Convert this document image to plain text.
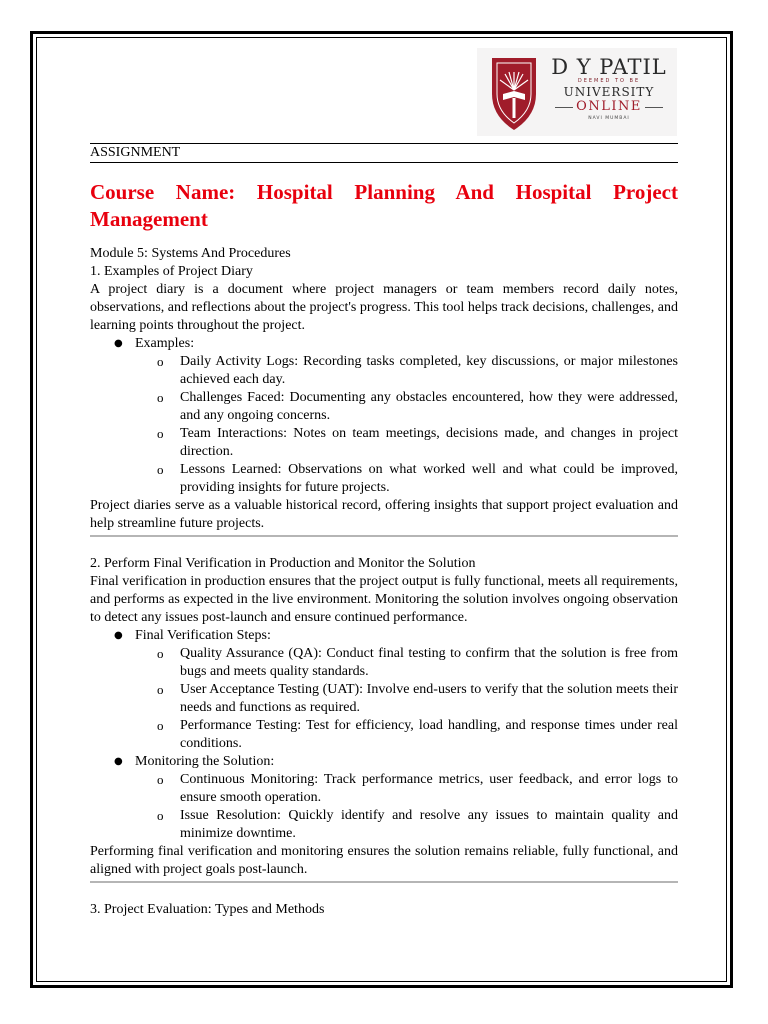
D Y PATIL
DEEMED TO BE
UNIVERSITY
ONLINE
NAVI MUMBAI
ASSIGNMENT
Course Name: Hospital Planning And Hospital Project Management

Module 5: Systems And Procedures

1. Examples of Project Diary

A project diary is a document where project managers or team members record daily notes, observations, and reflections about the project's progress. This tool helps track decisions, challenges, and learning points throughout the project.

● Examples:
o Daily Activity Logs: Recording tasks completed, key discussions, or major milestones achieved each day.
o Challenges Faced: Documenting any obstacles encountered, how they were addressed, and any ongoing concerns.
o Team Interactions: Notes on team meetings, decisions made, and changes in project direction.
o Lessons Learned: Observations on what worked well and what could be improved, providing insights for future projects.

Project diaries serve as a valuable historical record, offering insights that support project evaluation and help streamline future projects.

2. Perform Final Verification in Production and Monitor the Solution

Final verification in production ensures that the project output is fully functional, meets all requirements, and performs as expected in the live environment. Monitoring the solution involves ongoing observation to detect any issues post-launch and ensure continued performance.

● Final Verification Steps:
o Quality Assurance (QA): Conduct final testing to confirm that the solution is free from bugs and meets quality standards.
o User Acceptance Testing (UAT): Involve end-users to verify that the solution meets their needs and functions as required.
o Performance Testing: Test for efficiency, load handling, and response times under real conditions.
● Monitoring the Solution:
o Continuous Monitoring: Track performance metrics, user feedback, and error logs to ensure smooth operation.
o Issue Resolution: Quickly identify and resolve any issues to maintain quality and minimize downtime.

Performing final verification and monitoring ensures the solution remains reliable, fully functional, and aligned with project goals post-launch.

3. Project Evaluation: Types and Methods
